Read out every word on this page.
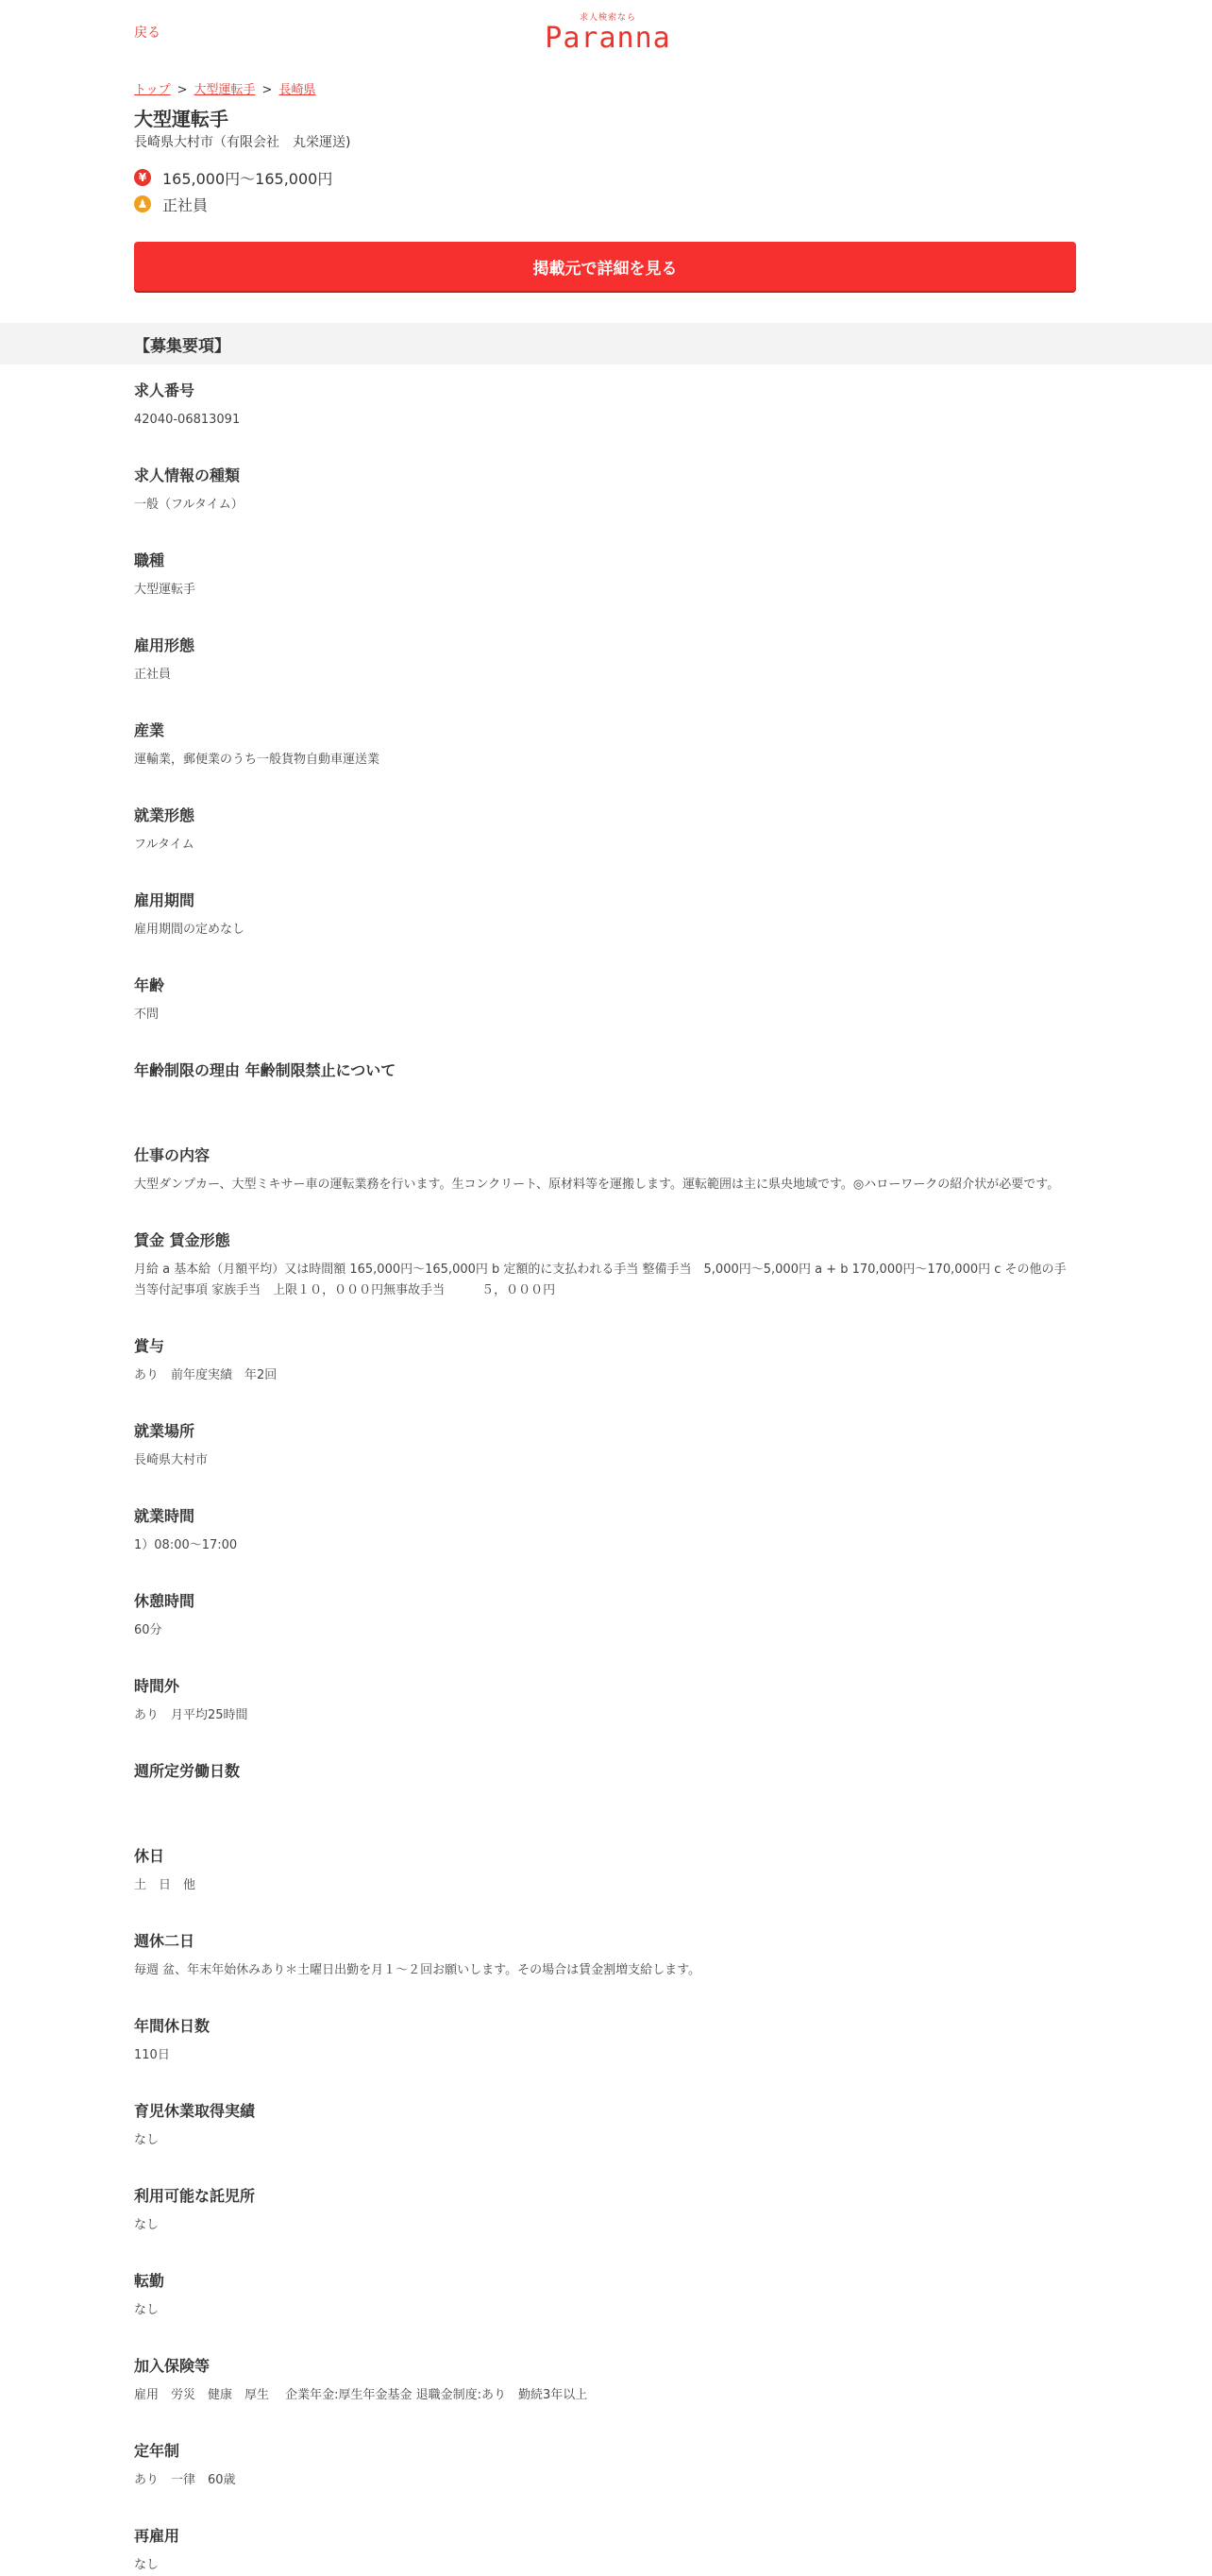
戻る
求人検索なら
Paranna
トップ > 大型運転手 > 長崎県
大型運転手
長崎県大村市（有限会社　丸栄運送)
¥	165,000円～165,000円
♟ 正社員
掲載元で詳細を見る
【募集要項】
求人番号
42040-06813091
求人情報の種類
一般（フルタイム）
職種
大型運転手
雇用形態
正社員
産業
運輸業，郵便業のうち一般貨物自動車運送業
就業形態
フルタイム
雇用期間
雇用期間の定めなし
年齢
不問
年齢制限の理由 年齢制限禁止について
仕事の内容
大型ダンプカー、大型ミキサー車の運転業務を行います。生コンクリート、原材料等を運搬します。運転範囲は主に県央地域です。◎ハローワークの紹介状が必要です。
賃金 賃金形態
月給 a 基本給（月額平均）又は時間額 165,000円～165,000円 b 定額的に支払われる手当 整備手当　5,000円～5,000円 a + b 170,000円～170,000円 c その他の手当等付記事項 家族手当　上限１０，０００円無事故手当　　　５，０００円
賞与
あり　前年度実績　年2回
就業場所
長崎県大村市
就業時間
1）08:00～17:00
休憩時間
60分
時間外
あり　月平均25時間
週所定労働日数
休日
土　日　他
週休二日
毎週 盆、年末年始休みあり＊土曜日出勤を月１～２回お願いします。その場合は賃金割増支給します。
年間休日数
110日
育児休業取得実績
なし
利用可能な託児所
なし
転勤
なし
加入保険等
雇用　労災　健康　厚生　 企業年金:厚生年金基金 退職金制度:あり　勤続3年以上
定年制
あり　一律　60歳
再雇用
なし
